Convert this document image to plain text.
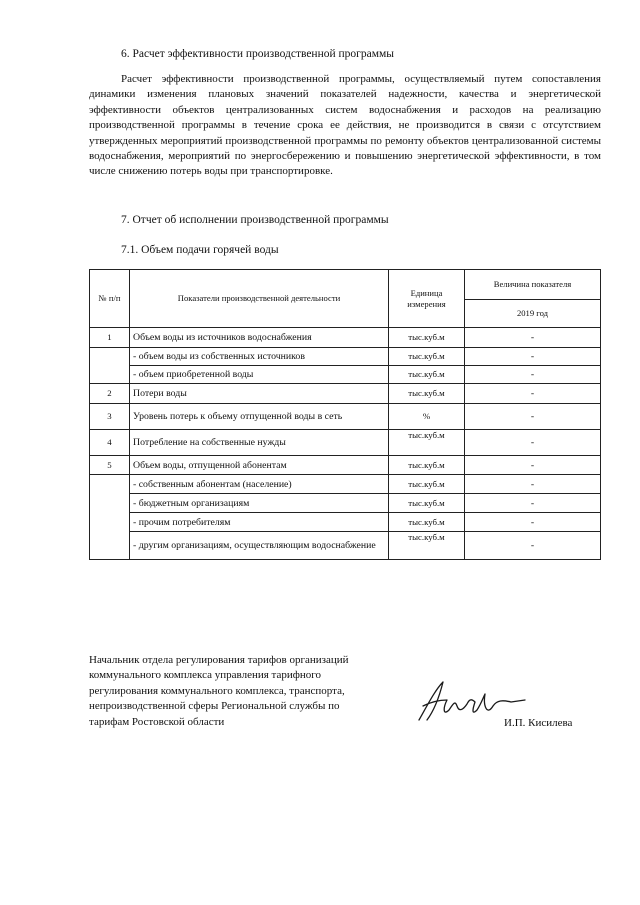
6. Расчет эффективности производственной программы
Расчет эффективности производственной программы, осуществляемый путем сопоставления динамики изменения плановых значений показателей надежности, качества и энергетической эффективности объектов централизованных систем водоснабжения и расходов на реализацию производственной программы в течение срока ее действия, не производится в связи с отсутствием утвержденных мероприятий производственной программы по ремонту объектов централизованной системы водоснабжения, мероприятий по энергосбережению и повышению энергетической эффективности, в том числе снижению потерь воды при транспортировке.
7. Отчет об исполнении производственной программы
7.1. Объем подачи горячей воды
№ п/п	Показатели производственной деятельности	Единица измерения	Величина показателя
			2019 год
1	Объем воды из источников водоснабжения	тыс.куб.м	-
	- объем воды из собственных источников	тыс.куб.м	-
	- объем приобретенной воды	тыс.куб.м	-
2	Потери воды	тыс.куб.м	-
3	Уровень потерь к объему отпущенной воды в сеть	%	-
4	Потребление на собственные нужды	тыс.куб.м	-
5	Объем воды, отпущенной абонентам	тыс.куб.м	-
	- собственным абонентам (население)	тыс.куб.м	-
	- бюджетным организациям	тыс.куб.м	-
	- прочим потребителям	тыс.куб.м	-
	- другим организациям, осуществляющим водоснабжение	тыс.куб.м	-
Начальник отдела регулирования тарифов организаций
коммунального комплекса управления тарифного
регулирования коммунального комплекса, транспорта,
непроизводственной сферы Региональной службы по
тарифам Ростовской области	И.П. Кисилева
